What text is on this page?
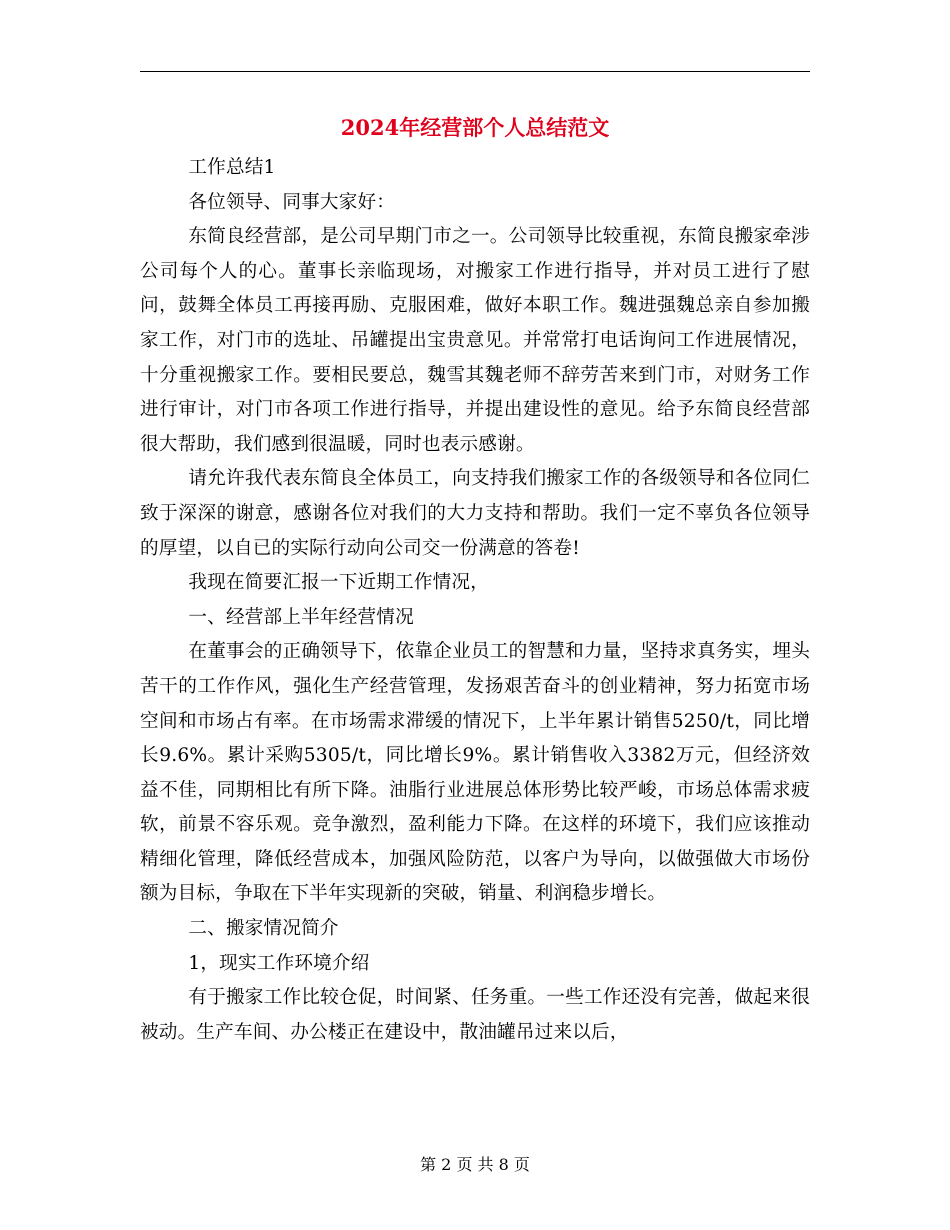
2024年经营部个人总结范文

工作总结1

各位领导、同事大家好：

东简良经营部，是公司早期门市之一。公司领导比较重视，东简良搬家牵涉公司每个人的心。董事长亲临现场，对搬家工作进行指导，并对员工进行了慰问，鼓舞全体员工再接再励、克服困难，做好本职工作。魏进强魏总亲自参加搬家工作，对门市的选址、吊罐提出宝贵意见。并常常打电话询问工作进展情况，十分重视搬家工作。要相民要总，魏雪其魏老师不辞劳苦来到门市，对财务工作进行审计，对门市各项工作进行指导，并提出建设性的意见。给予东简良经营部很大帮助，我们感到很温暖，同时也表示感谢。

请允许我代表东简良全体员工，向支持我们搬家工作的各级领导和各位同仁致于深深的谢意，感谢各位对我们的大力支持和帮助。我们一定不辜负各位领导的厚望，以自已的实际行动向公司交一份满意的答卷!

我现在简要汇报一下近期工作情况，

一、经营部上半年经营情况

在董事会的正确领导下，依靠企业员工的智慧和力量，坚持求真务实，埋头苦干的工作作风，强化生产经营管理，发扬艰苦奋斗的创业精神，努力拓宽市场空间和市场占有率。在市场需求滞缓的情况下，上半年累计销售5250/t，同比增长9.6%。累计采购5305/t，同比增长9%。累计销售收入3382万元，但经济效益不佳，同期相比有所下降。油脂行业进展总体形势比较严峻，市场总体需求疲软，前景不容乐观。竞争激烈，盈利能力下降。在这样的环境下，我们应该推动精细化管理，降低经营成本，加强风险防范，以客户为导向，以做强做大市场份额为目标，争取在下半年实现新的突破，销量、利润稳步增长。

二、搬家情况简介

1，现实工作环境介绍

有于搬家工作比较仓促，时间紧、任务重。一些工作还没有完善，做起来很被动。生产车间、办公楼正在建设中，散油罐吊过来以后，

第 2 页 共 8 页
